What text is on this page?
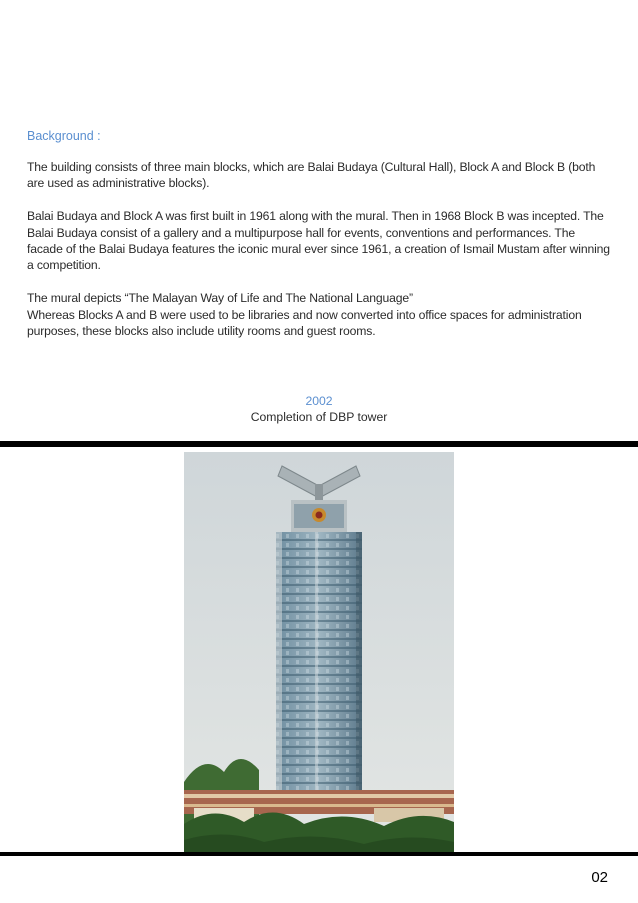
Background :

The building consists of three main blocks, which are Balai Budaya (Cultural Hall), Block A and Block B (both are used as administrative blocks).

Balai Budaya and Block A was first built in 1961 along with the mural. Then in 1968 Block B was incepted. The Balai Budaya consist of a gallery and a multipurpose hall for events, conventions and performances. The facade of the Balai Budaya features the iconic mural ever since 1961, a creation of Ismail Mustam after winning a competition.

The mural depicts “The Malayan Way of Life and The National Language”
Whereas Blocks A and B were used to be libraries and now converted into office spaces for administration purposes, these blocks also include utility rooms and guest rooms.

2002
Completion of DBP tower
02
